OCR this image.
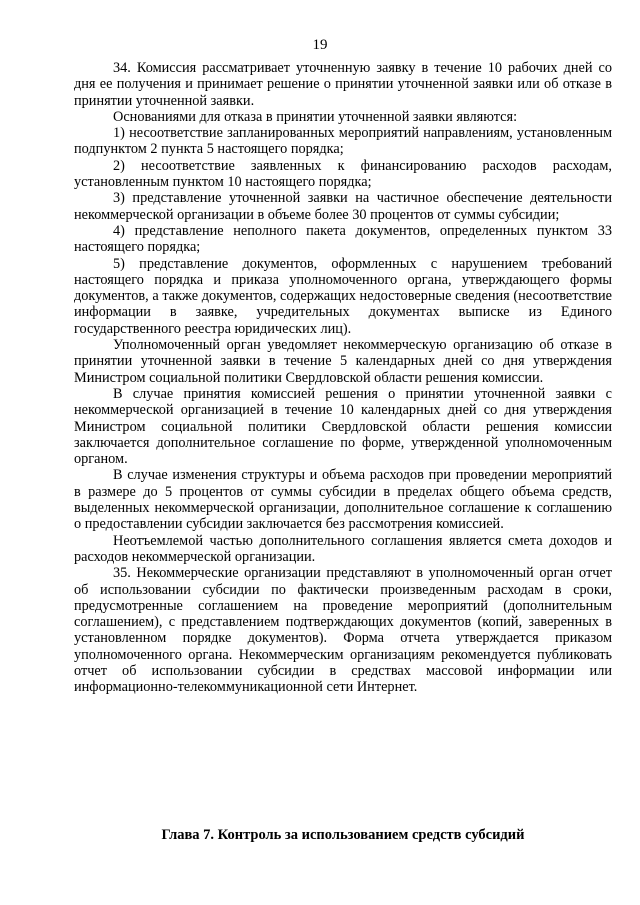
19

34. Комиссия рассматривает уточненную заявку в течение 10 рабочих дней со дня ее получения и принимает решение о принятии уточненной заявки или об отказе в принятии уточненной заявки.

Основаниями для отказа в принятии уточненной заявки являются:

1) несоответствие запланированных мероприятий направлениям, установленным подпунктом 2 пункта 5 настоящего порядка;

2) несоответствие заявленных к финансированию расходов расходам, установленным пунктом 10 настоящего порядка;

3) представление уточненной заявки на частичное обеспечение деятельности некоммерческой организации в объеме более 30 процентов от суммы субсидии;

4) представление неполного пакета документов, определенных пунктом 33 настоящего порядка;

5) представление документов, оформленных с нарушением требований настоящего порядка и приказа уполномоченного органа, утверждающего формы документов, а также документов, содержащих недостоверные сведения (несоответствие информации в заявке, учредительных документах выписке из Единого государственного реестра юридических лиц).

Уполномоченный орган уведомляет некоммерческую организацию об отказе в принятии уточненной заявки в течение 5 календарных дней со дня утверждения Министром социальной политики Свердловской области решения комиссии.

В случае принятия комиссией решения о принятии уточненной заявки с некоммерческой организацией в течение 10 календарных дней со дня утверждения Министром социальной политики Свердловской области решения комиссии заключается дополнительное соглашение по форме, утвержденной уполномоченным органом.

В случае изменения структуры и объема расходов при проведении мероприятий в размере до 5 процентов от суммы субсидии в пределах общего объема средств, выделенных некоммерческой организации, дополнительное соглашение к соглашению о предоставлении субсидии заключается без рассмотрения комиссией.

Неотъемлемой частью дополнительного соглашения является смета доходов и расходов некоммерческой организации.

35. Некоммерческие организации представляют в уполномоченный орган отчет об использовании субсидии по фактически произведенным расходам в сроки, предусмотренные соглашением на проведение мероприятий (дополнительным соглашением), с представлением подтверждающих документов (копий, заверенных в установленном порядке документов). Форма отчета утверждается приказом уполномоченного органа. Некоммерческим организациям рекомендуется публиковать отчет об использовании субсидии в средствах массовой информации или информационно-телекоммуникационной сети Интернет.

Глава 7. Контроль за использованием средств субсидий
